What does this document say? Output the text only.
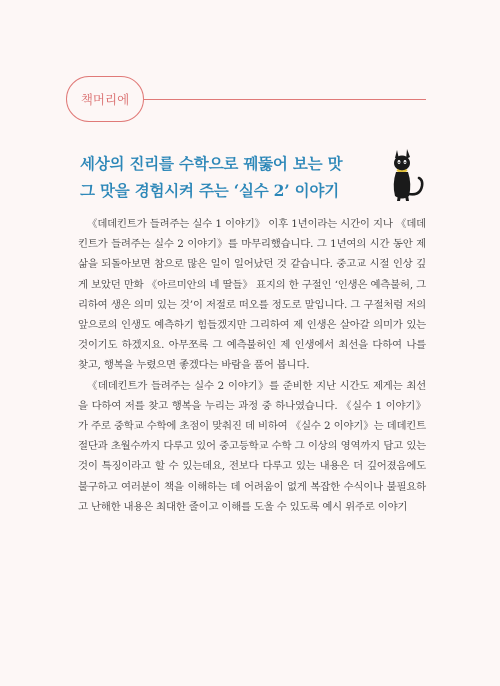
책머리에
세상의 진리를 수학으로 꿰뚫어 보는 맛
그 맛을 경험시켜 주는 ‘실수 2’ 이야기

《데데킨트가 들려주는 실수 1 이야기》 이후 1년이라는 시간이 지나 《데데킨트가 들려주는 실수 2 이야기》를 마무리했습니다. 그 1년여의 시간 동안 제 삶을 되돌아보면 참으로 많은 일이 일어났던 것 같습니다. 중고교 시절 인상 깊게 보았던 만화 《아르미안의 네 딸들》 표지의 한 구절인 ‘인생은 예측불허, 그리하여 생은 의미 있는 것’이 저절로 떠오를 정도로 말입니다. 그 구절처럼 저의 앞으로의 인생도 예측하기 힘들겠지만 그리하여 제 인생은 살아갈 의미가 있는 것이기도 하겠지요. 아무쪼록 그 예측불허인 제 인생에서 최선을 다하여 나를 찾고, 행복을 누렸으면 좋겠다는 바람을 품어 봅니다.

《데데킨트가 들려주는 실수 2 이야기》를 준비한 지난 시간도 제게는 최선을 다하여 저를 찾고 행복을 누리는 과정 중 하나였습니다. 《실수 1 이야기》가 주로 중학교 수학에 초점이 맞춰진 데 비하여 《실수 2 이야기》는 데데킨트 절단과 초월수까지 다루고 있어 중고등학교 수학 그 이상의 영역까지 담고 있는 것이 특징이라고 할 수 있는데요, 전보다 다루고 있는 내용은 더 깊어졌음에도 불구하고 여러분이 책을 이해하는 데 어려움이 없게 복잡한 수식이나 불필요하고 난해한 내용은 최대한 줄이고 이해를 도울 수 있도록 예시 위주로 이야기
